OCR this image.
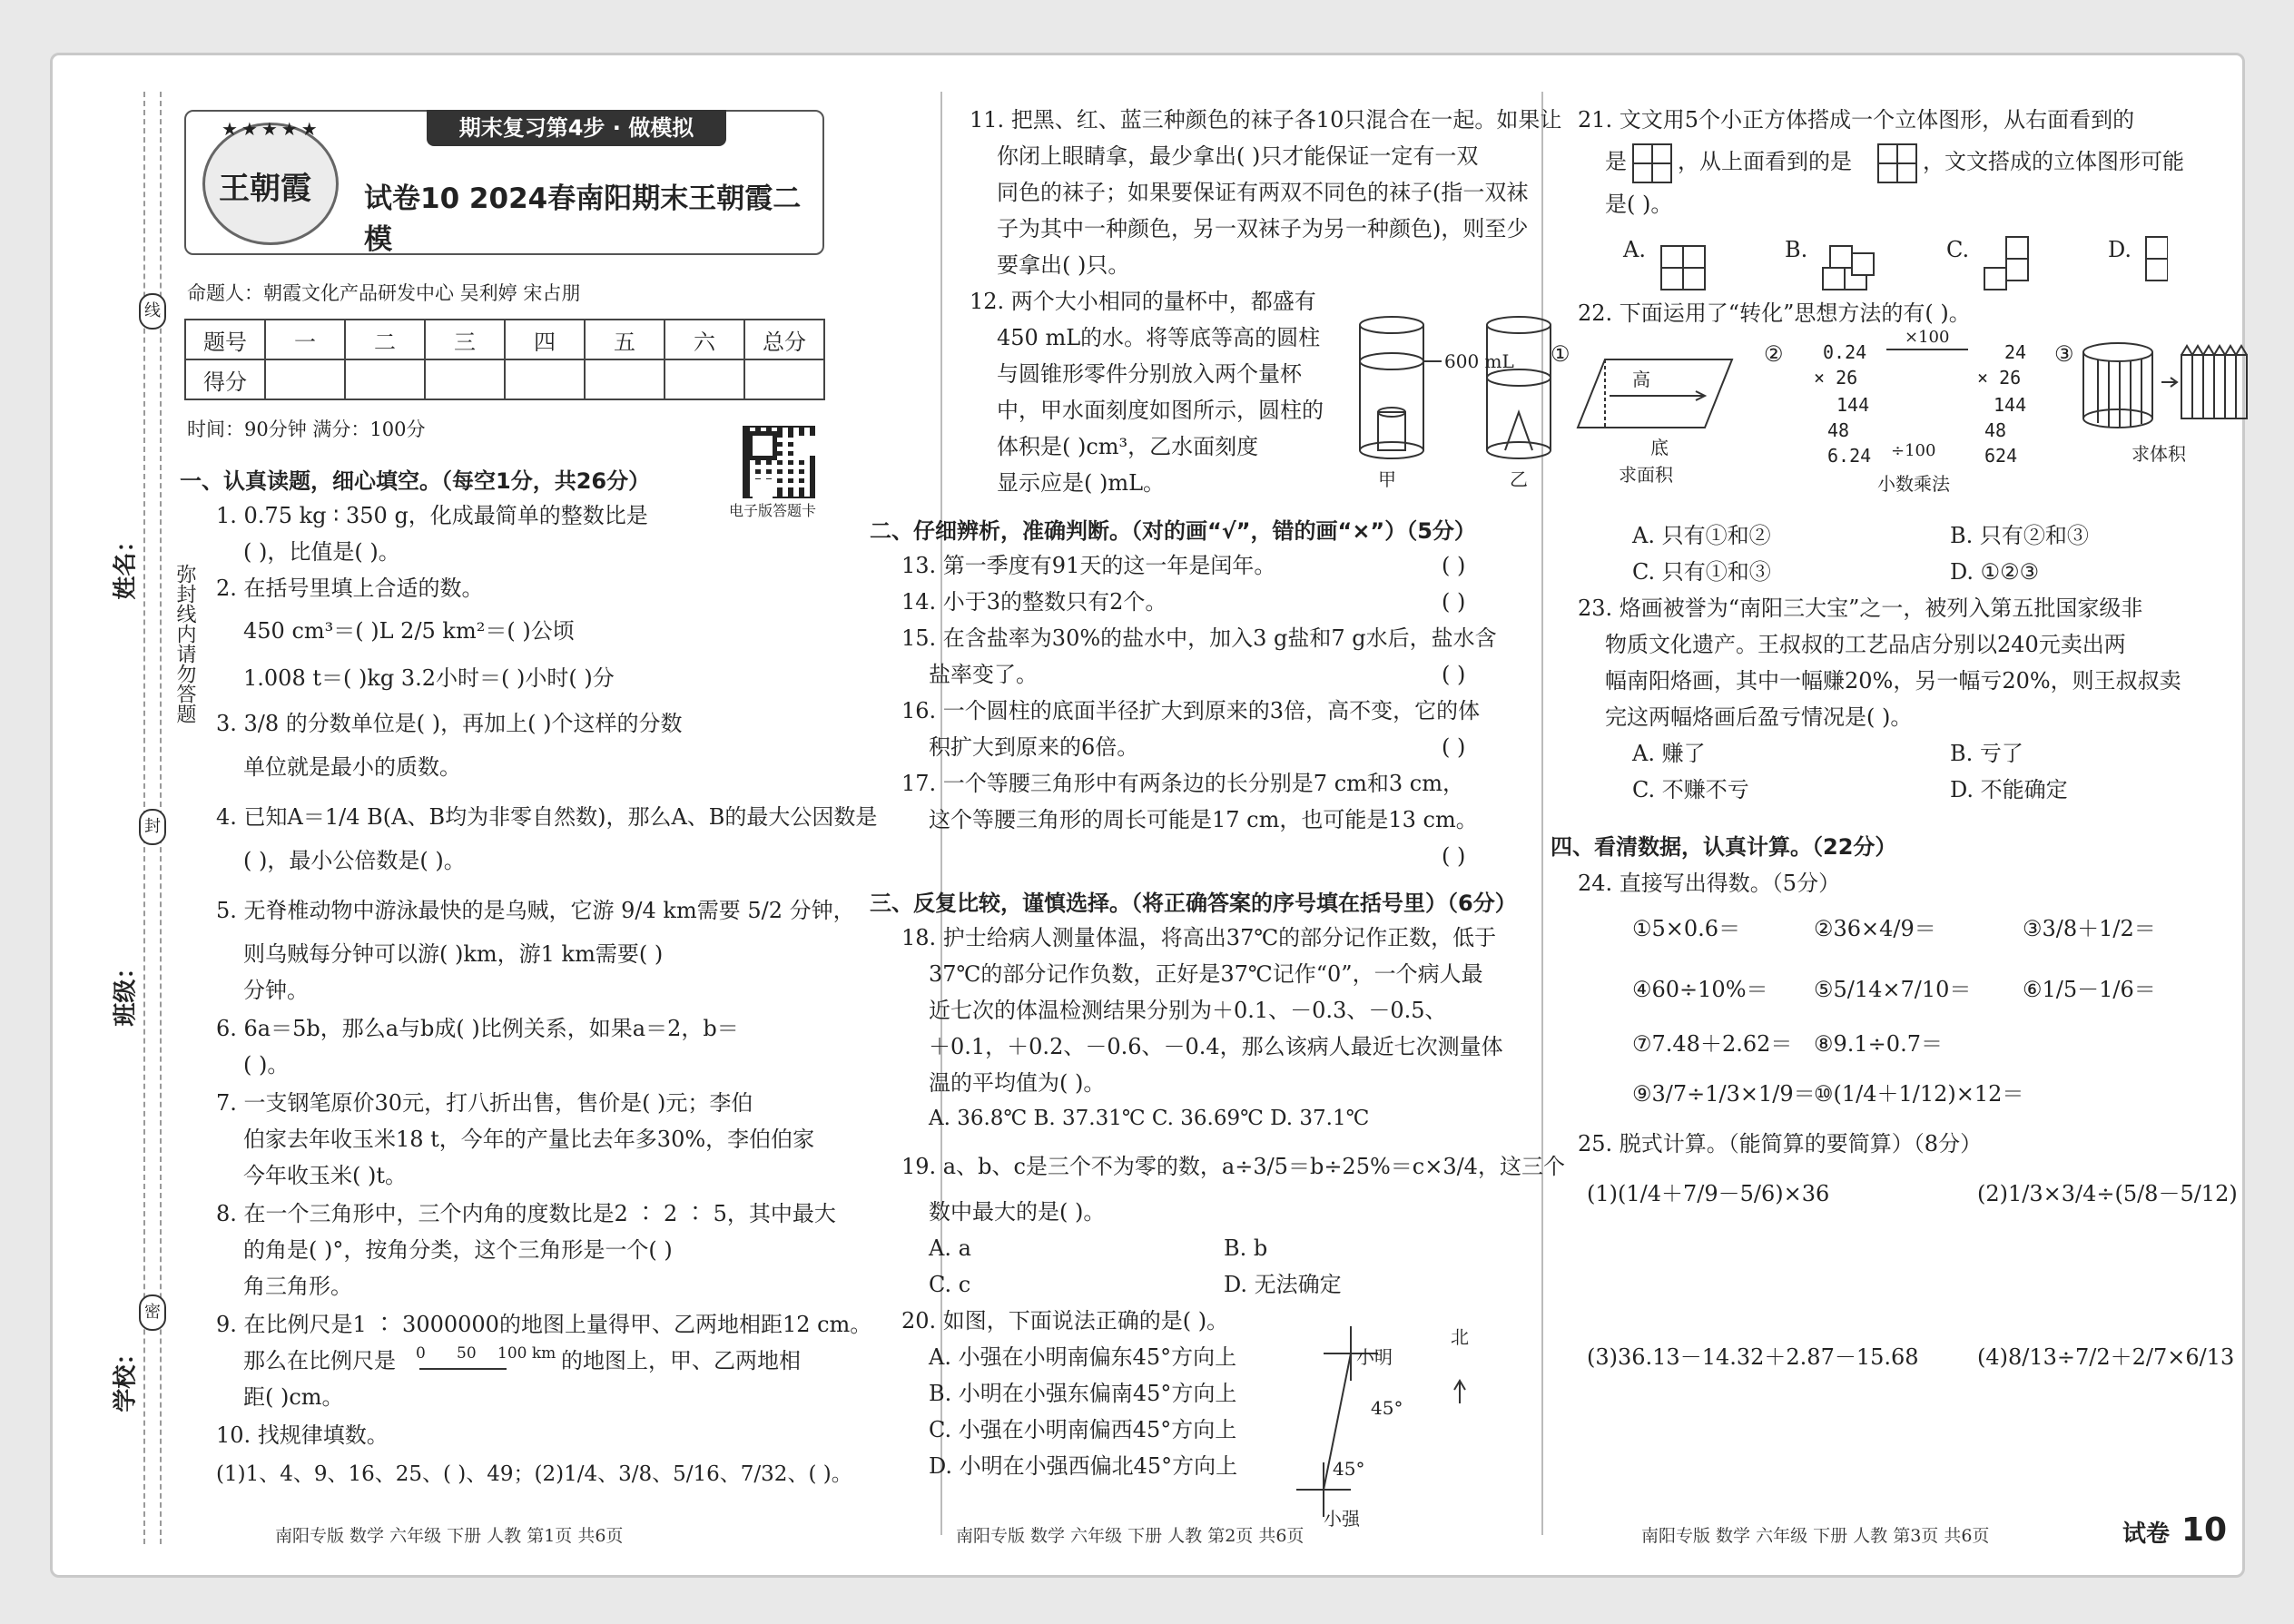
姓名：
班级：
学校：
线
封
密
弥封线内请勿答题
★★★★★
王朝霞
期末复习第4步 · 做模拟
试卷10 2024春南阳期末王朝霞二模
命题人：朝霞文化产品研发中心 吴利婷 宋占朋
题号	一	二	三	四	五	六	总分
得分							
时间：90分钟 满分：100分
电子版答题卡
一、认真读题，细心填空。（每空1分，共26分）
1. 0.75 kg ∶ 350 g，化成最简单的整数比是
( )，比值是( )。
2. 在括号里填上合适的数。
450 cm³＝( )L 2/5 km²＝( )公顷
1.008 t＝( )kg 3.2小时＝( )小时( )分
3. 3/8 的分数单位是( )，再加上( )个这样的分数
单位就是最小的质数。
4. 已知A＝1/4 B(A、B均为非零自然数)，那么A、B的最大公因数是
( )，最小公倍数是( )。
5. 无脊椎动物中游泳最快的是乌贼，它游 9/4 km需要 5/2 分钟，
则乌贼每分钟可以游( )km，游1 km需要( )
分钟。
6. 6a＝5b，那么a与b成( )比例关系，如果a＝2，b＝
( )。
7. 一支钢笔原价30元，打八折出售，售价是( )元；李伯
伯家去年收玉米18 t，今年的产量比去年多30%，李伯伯家
今年收玉米( )t。
8. 在一个三角形中，三个内角的度数比是2 ∶ 2 ∶ 5，其中最大
的角是( )°，按角分类，这个三角形是一个( )
角三角形。
9. 在比例尺是1 ∶ 3000000的地图上量得甲、乙两地相距12 cm。
那么在比例尺是 0 50 100 km 的地图上，甲、乙两地相
距( )cm。
10. 找规律填数。
(1)1、4、9、16、25、( )、49；(2)1/4、3/8、5/16、7/32、( )。
11. 把黑、红、蓝三种颜色的袜子各10只混合在一起。如果让
你闭上眼睛拿，最少拿出( )只才能保证一定有一双
同色的袜子；如果要保证有两双不同色的袜子(指一双袜
子为其中一种颜色，另一双袜子为另一种颜色)，则至少
要拿出( )只。
12. 两个大小相同的量杯中，都盛有
450 mL的水。将等底等高的圆柱
与圆锥形零件分别放入两个量杯
中，甲水面刻度如图所示，圆柱的
体积是( )cm³，乙水面刻度
显示应是( )mL。
600 mL
甲	乙
二、仔细辨析，准确判断。（对的画“√”，错的画“×”）（5分）
13. 第一季度有91天的这一年是闰年。	( )
14. 小于3的整数只有2个。	( )
15. 在含盐率为30%的盐水中，加入3 g盐和7 g水后，盐水含
盐率变了。	( )
16. 一个圆柱的底面半径扩大到原来的3倍，高不变，它的体
积扩大到原来的6倍。	( )
17. 一个等腰三角形中有两条边的长分别是7 cm和3 cm，
这个等腰三角形的周长可能是17 cm，也可能是13 cm。
( )
三、反复比较，谨慎选择。（将正确答案的序号填在括号里）（6分）
18. 护士给病人测量体温，将高出37℃的部分记作正数，低于
37℃的部分记作负数，正好是37℃记作“0”，一个病人最
近七次的体温检测结果分别为＋0.1、－0.3、－0.5、
＋0.1，＋0.2、－0.6、－0.4，那么该病人最近七次测量体
温的平均值为( )。
A. 36.8℃ B. 37.31℃ C. 36.69℃ D. 37.1℃
19. a、b、c是三个不为零的数，a÷3/5＝b÷25%＝c×3/4，这三个
数中最大的是( )。
A. a	B. b
C. c	D. 无法确定
20. 如图，下面说法正确的是( )。
A. 小强在小明南偏东45°方向上
B. 小明在小强东偏南45°方向上
C. 小强在小明南偏西45°方向上
D. 小明在小强西偏北45°方向上
北
小明
小强
45°
45°
21. 文文用5个小正方体搭成一个立体图形，从右面看到的
是 ，从上面看到的是	，文文搭成的立体图形可能
是( )。
A.	B.	C.	D.
22. 下面运用了“转化”思想方法的有( )。
①
高
底
求面积
②
×100
0.24
× 26
144
48
6.24 ÷100
24
× 26
144
48
624
小数乘法
③
求体积
A. 只有①和②	B. 只有②和③
C. 只有①和③	D. ①②③
23. 烙画被誉为“南阳三大宝”之一，被列入第五批国家级非
物质文化遗产。王叔叔的工艺品店分别以240元卖出两
幅南阳烙画，其中一幅赚20%，另一幅亏20%，则王叔叔卖
完这两幅烙画后盈亏情况是( )。
A. 赚了	B. 亏了
C. 不赚不亏	D. 不能确定
四、看清数据，认真计算。（22分）
24. 直接写出得数。（5分）
①5×0.6＝	②36×4/9＝	③3/8＋1/2＝
④60÷10%＝ ⑤5/14×7/10＝ ⑥1/5－1/6＝
⑦7.48＋2.62＝ ⑧9.1÷0.7＝
⑨3/7÷1/3×1/9＝
⑩(1/4＋1/12)×12＝
25. 脱式计算。（能简算的要简算）（8分）
(1)(1/4＋7/9－5/6)×36	(2)1/3×3/4÷(5/8－5/12)
(3)36.13－14.32＋2.87－15.68	(4)8/13÷7/2＋2/7×6/13
南阳专版 数学 六年级 下册 人教 第1页 共6页	南阳专版 数学 六年级 下册 人教 第2页 共6页	南阳专版 数学 六年级 下册 人教 第3页 共6页	试卷 10
